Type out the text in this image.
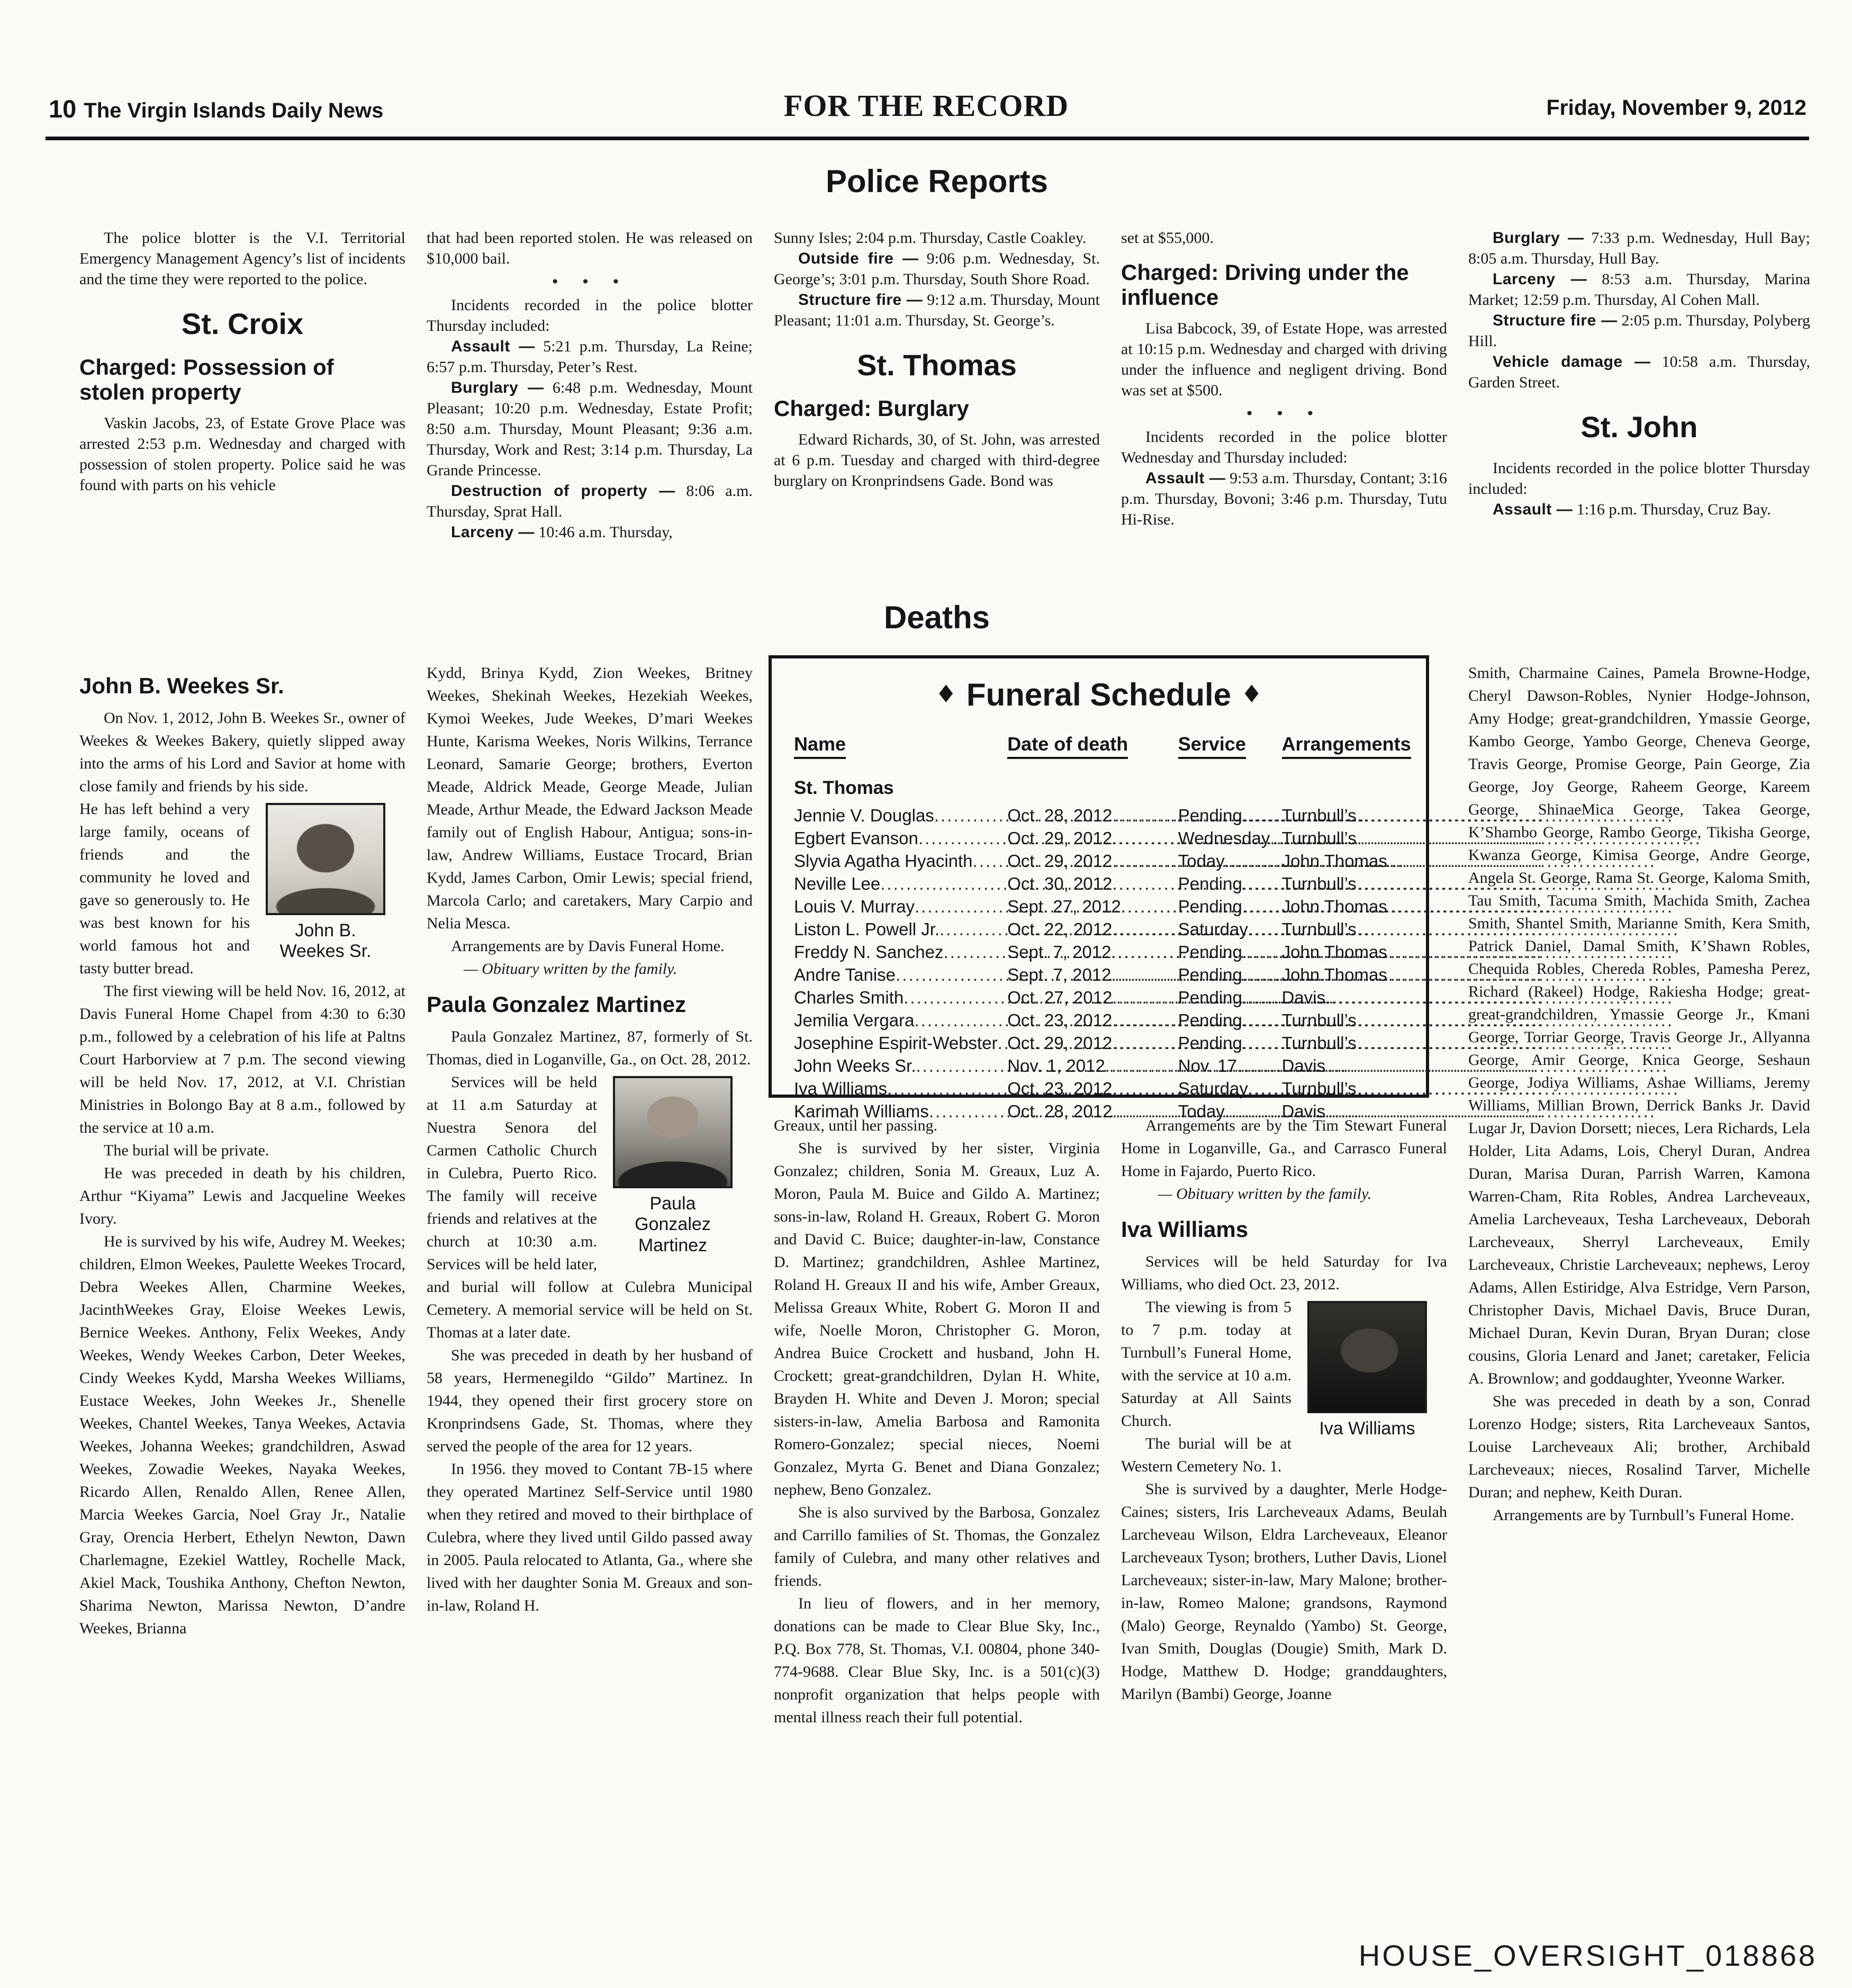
10 The Virgin Islands Daily News	FOR THE RECORD	Friday, November 9, 2012
Police Reports

The police blotter is the V.I. Territorial Emergency Management Agency’s list of incidents and the time they were reported to the police.

St. Croix
Charged: Possession of stolen property

Vaskin Jacobs, 23, of Estate Grove Place was arrested 2:53 p.m. Wednesday and charged with possession of stolen property. Police said he was found with parts on his vehicle

that had been reported stolen. He was released on $10,000 bail.

• • •

Incidents recorded in the police blotter Thursday included:

Assault — 5:21 p.m. Thursday, La Reine; 6:57 p.m. Thursday, Peter’s Rest.

Burglary — 6:48 p.m. Wednesday, Mount Pleasant; 10:20 p.m. Wednesday, Estate Profit; 8:50 a.m. Thursday, Mount Pleasant; 9:36 a.m. Thursday, Work and Rest; 3:14 p.m. Thursday, La Grande Princesse.

Destruction of property — 8:06 a.m. Thursday, Sprat Hall.

Larceny — 10:46 a.m. Thursday,

Sunny Isles; 2:04 p.m. Thursday, Castle Coakley.

Outside fire — 9:06 p.m. Wednesday, St. George’s; 3:01 p.m. Thursday, South Shore Road.

Structure fire — 9:12 a.m. Thursday, Mount Pleasant; 11:01 a.m. Thursday, St. George’s.

St. Thomas
Charged: Burglary

Edward Richards, 30, of St. John, was arrested at 6 p.m. Tuesday and charged with third-degree burglary on Kronprindsens Gade. Bond was

set at $55,000.

Charged: Driving under the influence

Lisa Babcock, 39, of Estate Hope, was arrested at 10:15 p.m. Wednesday and charged with driving under the influence and negligent driving. Bond was set at $500.

• • •

Incidents recorded in the police blotter Wednesday and Thursday included:

Assault — 9:53 a.m. Thursday, Contant; 3:16 p.m. Thursday, Bovoni; 3:46 p.m. Thursday, Tutu Hi-Rise.

Burglary — 7:33 p.m. Wednesday, Hull Bay; 8:05 a.m. Thursday, Hull Bay.

Larceny — 8:53 a.m. Thursday, Marina Market; 12:59 p.m. Thursday, Al Cohen Mall.

Structure fire — 2:05 p.m. Thursday, Polyberg Hill.

Vehicle damage — 10:58 a.m. Thursday, Garden Street.

St. John

Incidents recorded in the police blotter Thursday included:

Assault — 1:16 p.m. Thursday, Cruz Bay.

Deaths
♦ Funeral Schedule ♦
Name	Date of death	Service	Arrangements
St. Thomas
Jennie V. Douglas .....	Oct. 28, 2012 .....	Pending ..... Turnbull’s
Egbert Evanson .....	Oct. 29, 2012 .....	Wednesday ..... Turnbull’s
Slyvia Agatha Hyacinth ..... Oct. 29, 2012 .....	Today .....	John Thomas
Neville Lee .....	Oct. 30, 2012 .....	Pending ..... Turnbull’s
Louis V. Murray .....	Sept. 27, 2012 .....	Pending ..... John Thomas
Liston L. Powell Jr. .....	Oct. 22, 2012 .....	Saturday ..... Turnbull’s
Freddy N. Sanchez .....	Sept. 7, 2012 .....	Pending ..... John Thomas
Andre Tanise .....	Sept. 7, 2012 .....	Pending ..... John Thomas
Charles Smith .....	Oct. 27, 2012 .....	Pending ..... Davis
Jemilia Vergara .....	Oct. 23, 2012 .....	Pending ..... Turnbull’s
Josephine Espirit-Webster ..... Oct. 29, 2012 .....	Pending ..... Turnbull’s
John Weeks Sr. .....	Nov. 1, 2012 .....	Nov. 17 .....	Davis
Iva Williams .....	Oct. 23, 2012 .....	Saturday ..... Turnbull’s
Karimah Williams .....	Oct. 28, 2012 .....	Today .....	Davis
John B. Weekes Sr.

On Nov. 1, 2012, John B. Weekes Sr., owner of Weekes & Weekes Bakery, quietly slipped away into the arms of his Lord and Savior at home with close family and friends by his side.

John B. Weekes Sr.

He has left behind a very large family, oceans of friends and the community he loved and gave so generously to. He was best known for his world famous hot and tasty butter bread.

The first viewing will be held Nov. 16, 2012, at Davis Funeral Home Chapel from 4:30 to 6:30 p.m., followed by a celebration of his life at Paltns Court Harborview at 7 p.m. The second viewing will be held Nov. 17, 2012, at V.I. Christian Ministries in Bolongo Bay at 8 a.m., followed by the service at 10 a.m.

The burial will be private.

He was preceded in death by his children, Arthur “Kiyama” Lewis and Jacqueline Weekes Ivory.

He is survived by his wife, Audrey M. Weekes; children, Elmon Weekes, Paulette Weekes Trocard, Debra Weekes Allen, Charmine Weekes, JacinthWeekes Gray, Eloise Weekes Lewis, Bernice Weekes. Anthony, Felix Weekes, Andy Weekes, Wendy Weekes Carbon, Deter Weekes, Cindy Weekes Kydd, Marsha Weekes Williams, Eustace Weekes, John Weekes Jr., Shenelle Weekes, Chantel Weekes, Tanya Weekes, Actavia Weekes, Johanna Weekes; grandchildren, Aswad Weekes, Zowadie Weekes, Nayaka Weekes, Ricardo Allen, Renaldo Allen, Renee Allen, Marcia Weekes Garcia, Noel Gray Jr., Natalie Gray, Orencia Herbert, Ethelyn Newton, Dawn Charlemagne, Ezekiel Wattley, Rochelle Mack, Akiel Mack, Toushika Anthony, Chefton Newton, Sharima Newton, Marissa Newton, D’andre Weekes, Brianna

Kydd, Brinya Kydd, Zion Weekes, Britney Weekes, Shekinah Weekes, Hezekiah Weekes, Kymoi Weekes, Jude Weekes, D’mari Weekes Hunte, Karisma Weekes, Noris Wilkins, Terrance Leonard, Samarie George; brothers, Everton Meade, Aldrick Meade, George Meade, Julian Meade, Arthur Meade, the Edward Jackson Meade family out of English Habour, Antigua; sons-in-law, Andrew Williams, Eustace Trocard, Brian Kydd, James Carbon, Omir Lewis; special friend, Marcola Carlo; and caretakers, Mary Carpio and Nelia Mesca.

Arrangements are by Davis Funeral Home.

— Obituary written by the family.

Paula Gonzalez Martinez

Paula Gonzalez Martinez, 87, formerly of St. Thomas, died in Loganville, Ga., on Oct. 28, 2012.

Paula Gonzalez Martinez

Services will be held at 11 a.m Saturday at Nuestra Senora del Carmen Catholic Church in Culebra, Puerto Rico. The family will receive friends and relatives at the church at 10:30 a.m. Services will be held later, and burial will follow at Culebra Municipal Cemetery. A memorial service will be held on St. Thomas at a later date.

She was preceded in death by her husband of 58 years, Hermenegildo “Gildo” Martinez. In 1944, they opened their first grocery store on Kronprindsens Gade, St. Thomas, where they served the people of the area for 12 years.

In 1956. they moved to Contant 7B-15 where they operated Martinez Self-Service until 1980 when they retired and moved to their birthplace of Culebra, where they lived until Gildo passed away in 2005. Paula relocated to Atlanta, Ga., where she lived with her daughter Sonia M. Greaux and son-in-law, Roland H.

Greaux, until her passing.

She is survived by her sister, Virginia Gonzalez; children, Sonia M. Greaux, Luz A. Moron, Paula M. Buice and Gildo A. Martinez; sons-in-law, Roland H. Greaux, Robert G. Moron and David C. Buice; daughter-in-law, Constance D. Martinez; grandchildren, Ashlee Martinez, Roland H. Greaux II and his wife, Amber Greaux, Melissa Greaux White, Robert G. Moron II and wife, Noelle Moron, Christopher G. Moron, Andrea Buice Crockett and husband, John H. Crockett; great-grandchildren, Dylan H. White, Brayden H. White and Deven J. Moron; special sisters-in-law, Amelia Barbosa and Ramonita Romero-Gonzalez; special nieces, Noemi Gonzalez, Myrta G. Benet and Diana Gonzalez; nephew, Beno Gonzalez.

She is also survived by the Barbosa, Gonzalez and Carrillo families of St. Thomas, the Gonzalez family of Culebra, and many other relatives and friends.

In lieu of flowers, and in her memory, donations can be made to Clear Blue Sky, Inc., P.Q. Box 778, St. Thomas, V.I. 00804, phone 340-774-9688. Clear Blue Sky, Inc. is a 501(c)(3) nonprofit organization that helps people with mental illness reach their full potential.

Arrangements are by the Tim Stewart Funeral Home in Loganville, Ga., and Carrasco Funeral Home in Fajardo, Puerto Rico.

— Obituary written by the family.

Iva Williams

Services will be held Saturday for Iva Williams, who died Oct. 23, 2012.

Iva Williams

The viewing is from 5 to 7 p.m. today at Turnbull’s Funeral Home, with the service at 10 a.m. Saturday at All Saints Church.

The burial will be at Western Cemetery No. 1.

She is survived by a daughter, Merle Hodge-Caines; sisters, Iris Larcheveaux Adams, Beulah Larcheveau Wilson, Eldra Larcheveaux, Eleanor Larcheveaux Tyson; brothers, Luther Davis, Lionel Larcheveaux; sister-in-law, Mary Malone; brother-in-law, Romeo Malone; grandsons, Raymond (Malo) George, Reynaldo (Yambo) St. George, Ivan Smith, Douglas (Dougie) Smith, Mark D. Hodge, Matthew D. Hodge; granddaughters, Marilyn (Bambi) George, Joanne

Smith, Charmaine Caines, Pamela Browne-Hodge, Cheryl Dawson-Robles, Nynier Hodge-Johnson, Amy Hodge; great-grandchildren, Ymassie George, Kambo George, Yambo George, Cheneva George, Travis George, Promise George, Pain George, Zia George, Joy George, Raheem George, Kareem George, ShinaeMica George, Takea George, K’Shambo George, Rambo George, Tikisha George, Kwanza George, Kimisa George, Andre George, Angela St. George, Rama St. George, Kaloma Smith, Tau Smith, Tacuma Smith, Machida Smith, Zachea Smith, Shantel Smith, Marianne Smith, Kera Smith, Patrick Daniel, Damal Smith, K’Shawn Robles, Chequida Robles, Chereda Robles, Pamesha Perez, Richard (Rakeel) Hodge, Rakiesha Hodge; great-great-grandchildren, Ymassie George Jr., Kmani George, Torriar George, Travis George Jr., Allyanna George, Amir George, Knica George, Seshaun George, Jodiya Williams, Ashae Williams, Jeremy Williams, Millian Brown, Derrick Banks Jr. David Lugar Jr, Davion Dorsett; nieces, Lera Richards, Lela Holder, Lita Adams, Lois, Cheryl Duran, Andrea Duran, Marisa Duran, Parrish Warren, Kamona Warren-Cham, Rita Robles, Andrea Larcheveaux, Amelia Larcheveaux, Tesha Larcheveaux, Deborah Larcheveaux, Sherryl Larcheveaux, Emily Larcheveaux, Christie Larcheveaux; nephews, Leroy Adams, Allen Estiridge, Alva Estridge, Vern Parson, Christopher Davis, Michael Davis, Bruce Duran, Michael Duran, Kevin Duran, Bryan Duran; close cousins, Gloria Lenard and Janet; caretaker, Felicia A. Brownlow; and goddaughter, Yveonne Warker.

She was preceded in death by a son, Conrad Lorenzo Hodge; sisters, Rita Larcheveaux Santos, Louise Larcheveaux Ali; brother, Archibald Larcheveaux; nieces, Rosalind Tarver, Michelle Duran; and nephew, Keith Duran.

Arrangements are by Turnbull’s Funeral Home.

HOUSE_OVERSIGHT_018868
